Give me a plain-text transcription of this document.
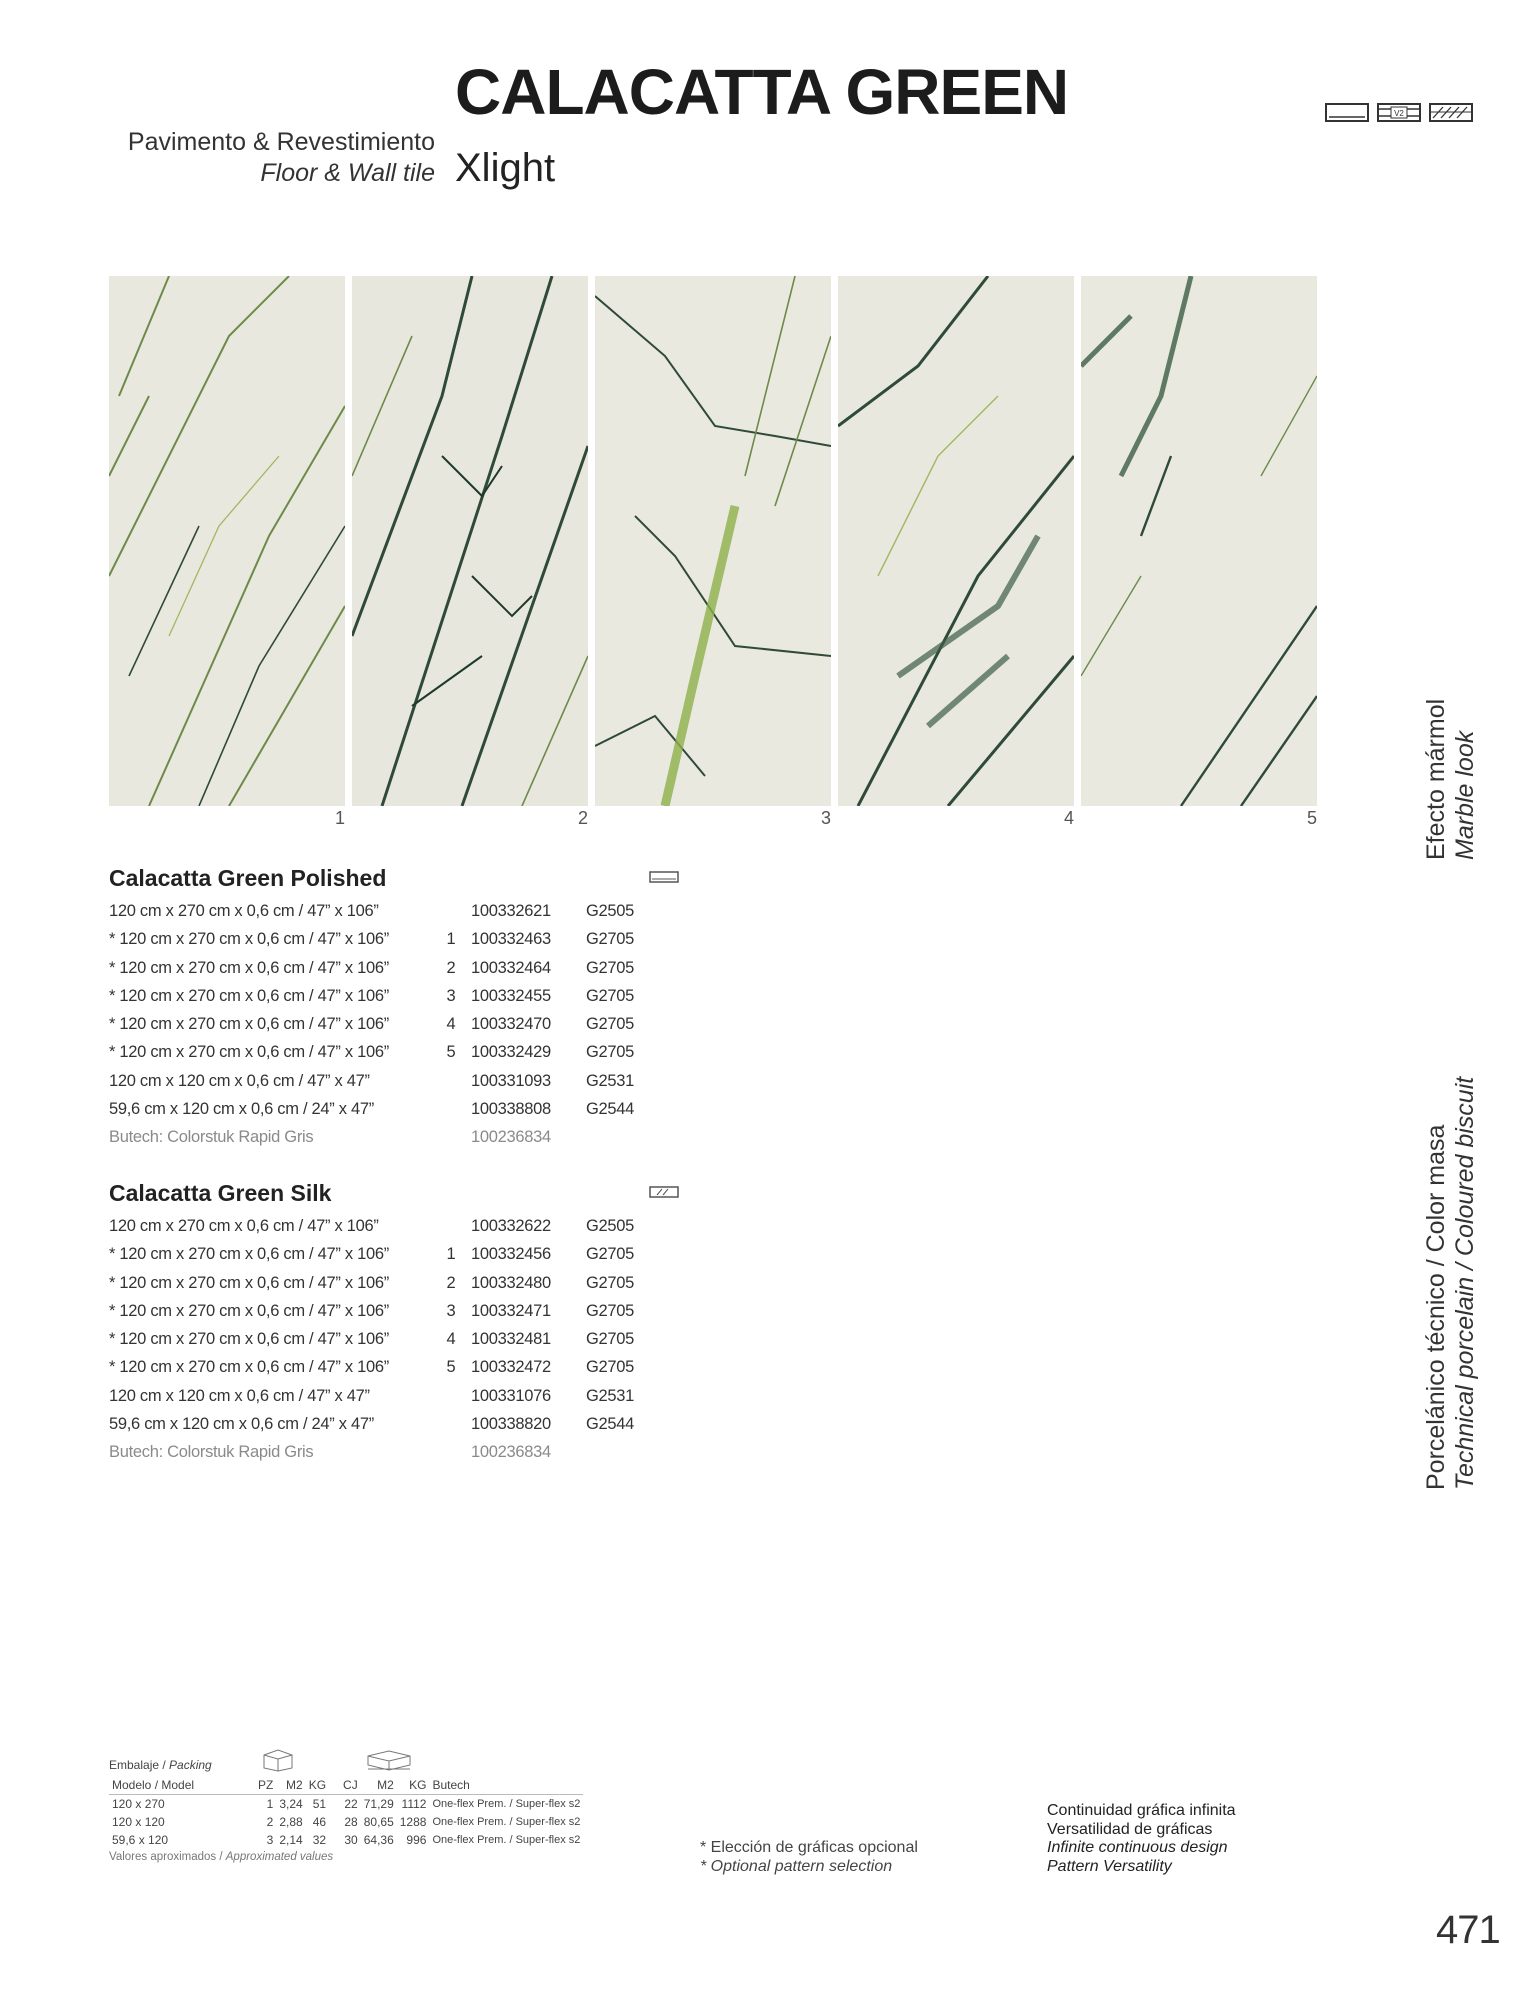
CALACATTA GREEN
Xlight
Pavimento & Revestimiento
Floor & Wall tile
V2
1	2	3	4	5
Calacatta Green Polished
120 cm x 270 cm x 0,6 cm / 47” x 106”	100332621	G2505
* 120 cm x 270 cm x 0,6 cm / 47” x 106”	1 100332463	G2705
* 120 cm x 270 cm x 0,6 cm / 47” x 106”	2 100332464	G2705
* 120 cm x 270 cm x 0,6 cm / 47” x 106”	3 100332455	G2705
* 120 cm x 270 cm x 0,6 cm / 47” x 106”	4 100332470	G2705
* 120 cm x 270 cm x 0,6 cm / 47” x 106”	5 100332429	G2705
120 cm x 120 cm x 0,6 cm / 47” x 47”	100331093	G2531
59,6 cm x 120 cm x 0,6 cm / 24” x 47”	100338808	G2544
Butech: Colorstuk Rapid Gris	100236834
Calacatta Green Silk
120 cm x 270 cm x 0,6 cm / 47” x 106”	100332622	G2505
* 120 cm x 270 cm x 0,6 cm / 47” x 106”	1 100332456	G2705
* 120 cm x 270 cm x 0,6 cm / 47” x 106”	2 100332480	G2705
* 120 cm x 270 cm x 0,6 cm / 47” x 106”	3 100332471	G2705
* 120 cm x 270 cm x 0,6 cm / 47” x 106”	4 100332481	G2705
* 120 cm x 270 cm x 0,6 cm / 47” x 106”	5 100332472	G2705
120 cm x 120 cm x 0,6 cm / 47” x 47”	100331076	G2531
59,6 cm x 120 cm x 0,6 cm / 24” x 47”	100338820	G2544
Butech: Colorstuk Rapid Gris	100236834
Efecto mármol Marble look
Porcelánico técnico / Color masa Technical porcelain / Coloured biscuit
Embalaje / Packing
Modelo / Model	PZ	M2	KG	CJ	M2	KG	Butech
120 x 270	1	3,24	51	22	71,29	1112	One-flex Prem. / Super-flex s2
120 x 120	2	2,88	46	28	80,65	1288	One-flex Prem. / Super-flex s2
59,6 x 120	3	2,14	32	30	64,36	996	One-flex Prem. / Super-flex s2
Valores aproximados / Approximated values
* Elección de gráficas opcional
* Optional pattern selection
Continuidad gráfica infinita
Versatilidad de gráficas
Infinite continuous design
Pattern Versatility
471
